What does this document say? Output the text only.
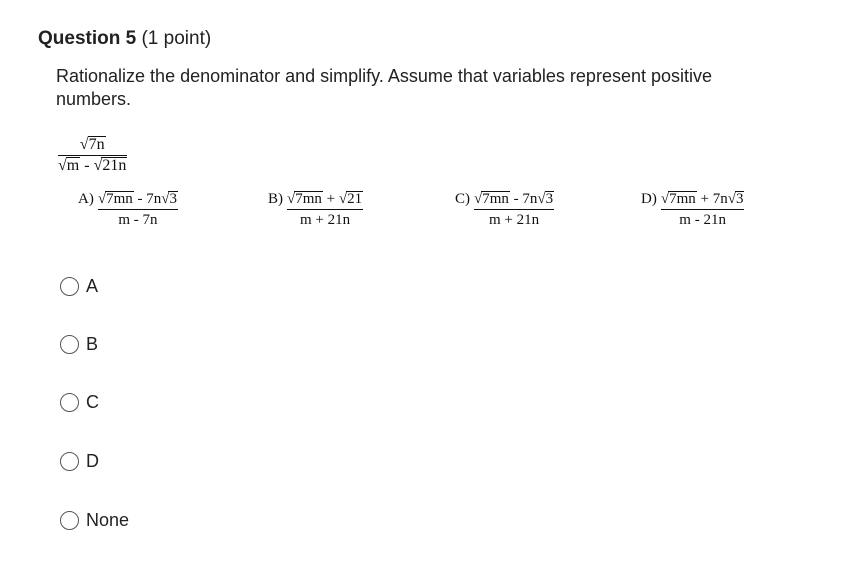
Question 5 (1 point)
Rationalize the denominator and simplify. Assume that variables represent positive numbers.
√7n
√m - √21n
$A) \frac{√7mn - 7n√3}{m - 7n}$	$B) \frac{√7mn + √21}{m + 21n}$	$C) \frac{√7mn - 7n√3}{m + 21n}$	$D) \frac{√7mn + 7n√3}{m - 21n}$
A
B
C
D
None
